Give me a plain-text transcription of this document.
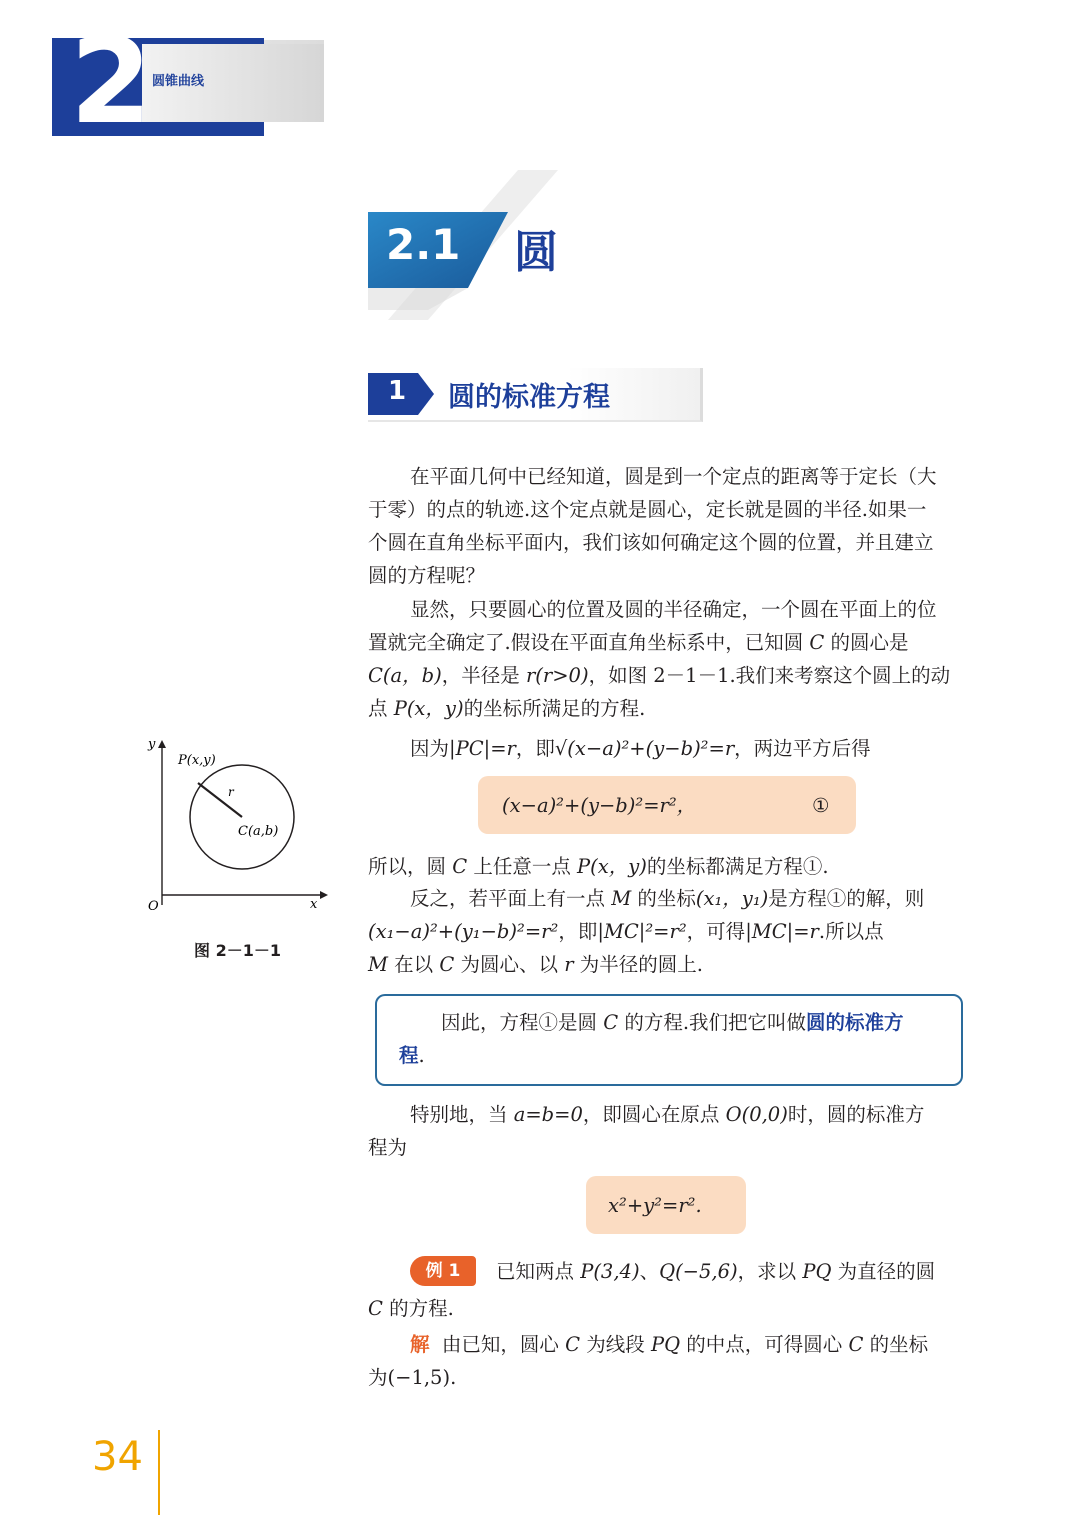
2 圆锥曲线
2.1 圆
1 圆的标准方程
在平面几何中已经知道，圆是到一个定点的距离等于定长（大
于零）的点的轨迹.这个定点就是圆心，定长就是圆的半径.如果一
个圆在直角坐标平面内，我们该如何确定这个圆的位置，并且建立
圆的方程呢？
显然，只要圆心的位置及圆的半径确定，一个圆在平面上的位
置就完全确定了.假设在平面直角坐标系中，已知圆 C 的圆心是
C(a，b)，半径是 r(r>0)，如图 2－1－1.我们来考察这个圆上的动
点 P(x，y)的坐标所满足的方程.
因为|PC|=r，即√(x−a)²+(y−b)²=r，两边平方后得
(x−a)²+(y−b)²=r²，	①
所以，圆 C 上任意一点 P(x，y)的坐标都满足方程①.
反之，若平面上有一点 M 的坐标(x₁，y₁)是方程①的解，则
(x₁−a)²+(y₁−b)²=r²，即|MC|²=r²，可得|MC|=r.所以点
M 在以 C 为圆心、以 r 为半径的圆上.
因此，方程①是圆 C 的方程.我们把它叫做圆的标准方
程.
特别地，当 a=b=0，即圆心在原点 O(0,0)时，圆的标准方
程为
x²+y²=r².
例 1	已知两点 P(3,4)、Q(−5,6)，求以 PQ 为直径的圆
C 的方程.
解 由已知，圆心 C 为线段 PQ 的中点，可得圆心 C 的坐标
为(−1,5).
y
x
O
P(x,y)
r
C(a,b)
图 2－1－1
34
